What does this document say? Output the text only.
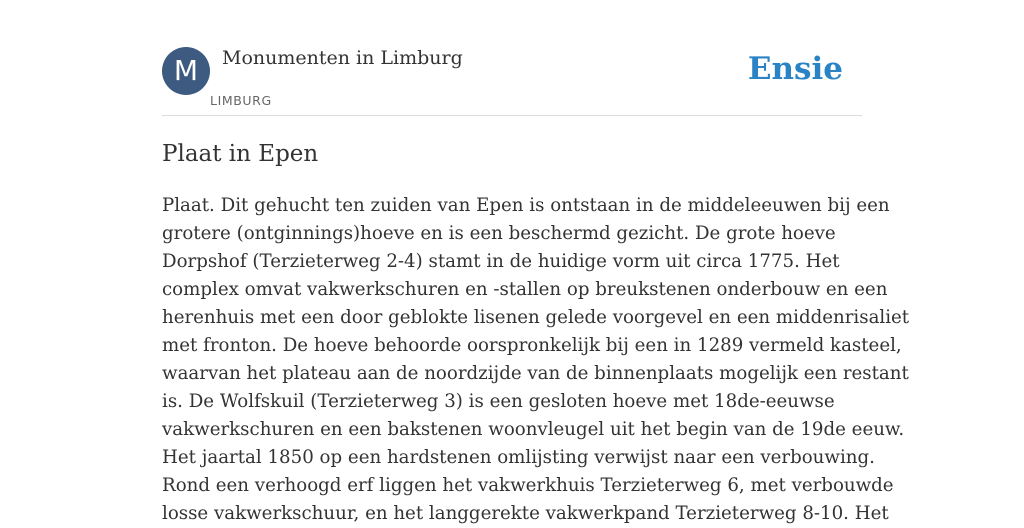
M	Monumenten in Limburg
LIMBURG
Ensie
Plaat in Epen
Plaat. Dit gehucht ten zuiden van Epen is ontstaan in de middeleeuwen bij een
grotere (ontginnings)hoeve en is een beschermd gezicht. De grote hoeve
Dorpshof (Terzieterweg 2-4) stamt in de huidige vorm uit circa 1775. Het
complex omvat vakwerkschuren en -stallen op breukstenen onderbouw en een
herenhuis met een door geblokte lisenen gelede voorgevel en een middenrisaliet
met fronton. De hoeve behoorde oorspronkelijk bij een in 1289 vermeld kasteel,
waarvan het plateau aan de noordzijde van de binnenplaats mogelijk een restant
is. De Wolfskuil (Terzieterweg 3) is een gesloten hoeve met 18de-eeuwse
vakwerkschuren en een bakstenen woonvleugel uit het begin van de 19de eeuw.
Het jaartal 1850 op een hardstenen omlijsting verwijst naar een verbouwing.
Rond een verhoogd erf liggen het vakwerkhuis Terzieterweg 6, met verbouwde
losse vakwerkschuur, en het langgerekte vakwerkpand Terzieterweg 8-10. Het
